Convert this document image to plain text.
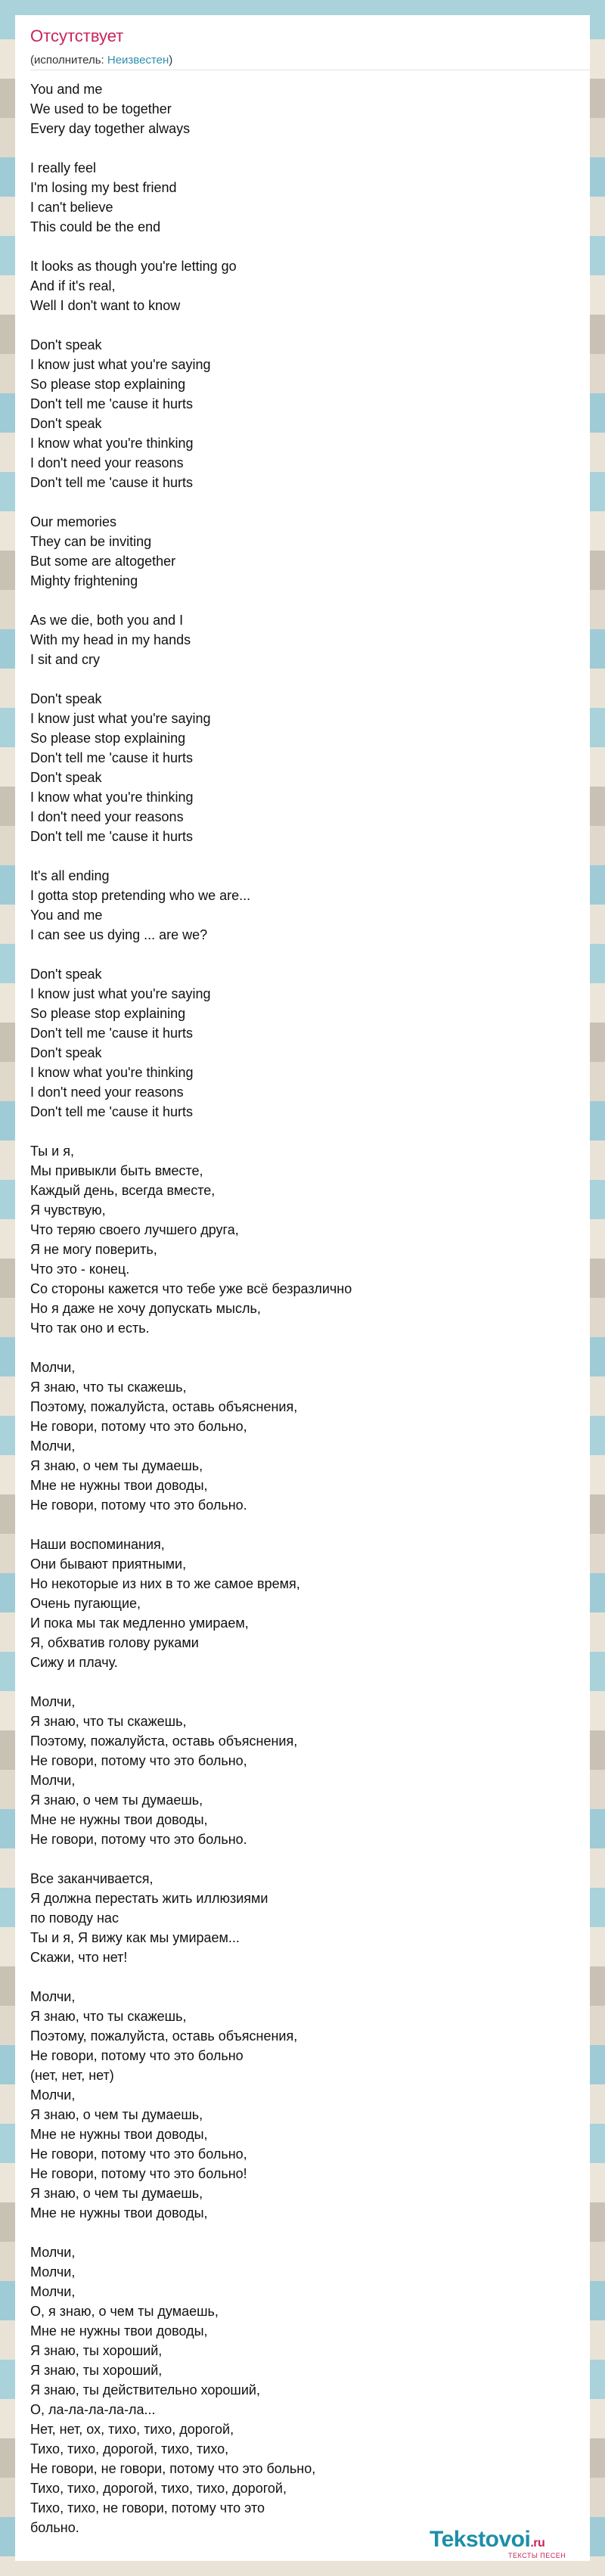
Отсутствует
(исполнитель: Неизвестен)
You and me
We used to be together
Every day together always
I really feel
I'm losing my best friend
I can't believe
This could be the end
It looks as though you're letting go
And if it's real,
Well I don't want to know
Don't speak
I know just what you're saying
So please stop explaining
Don't tell me 'cause it hurts
Don't speak
I know what you're thinking
I don't need your reasons
Don't tell me 'cause it hurts
Our memories
They can be inviting
But some are altogether
Mighty frightening
As we die, both you and I
With my head in my hands
I sit and cry
Don't speak
I know just what you're saying
So please stop explaining
Don't tell me 'cause it hurts
Don't speak
I know what you're thinking
I don't need your reasons
Don't tell me 'cause it hurts
It's all ending
I gotta stop pretending who we are...
You and me
I can see us dying ... are we?
Don't speak
I know just what you're saying
So please stop explaining
Don't tell me 'cause it hurts
Don't speak
I know what you're thinking
I don't need your reasons
Don't tell me 'cause it hurts
Ты и я,
Мы привыкли быть вместе,
Каждый день, всегда вместе,
Я чувствую,
Что теряю своего лучшего друга,
Я не могу поверить,
Что это - конец.
Со стороны кажется что тебе уже всё безразлично
Но я даже не хочу допускать мысль,
Что так оно и есть.
Молчи,
Я знаю, что ты скажешь,
Поэтому, пожалуйста, оставь объяснения,
Не говори, потому что это больно,
Молчи,
Я знаю, о чем ты думаешь,
Мне не нужны твои доводы,
Не говори, потому что это больно.
Наши воспоминания,
Они бывают приятными,
Но некоторые из них в то же самое время,
Очень пугающие,
И пока мы так медленно умираем,
Я, обхватив голову руками
Сижу и плачу.
Молчи,
Я знаю, что ты скажешь,
Поэтому, пожалуйста, оставь объяснения,
Не говори, потому что это больно,
Молчи,
Я знаю, о чем ты думаешь,
Мне не нужны твои доводы,
Не говори, потому что это больно.
Все заканчивается,
Я должна перестать жить иллюзиями
по поводу нас
Ты и я, Я вижу как мы умираем...
Скажи, что нет!
Молчи,
Я знаю, что ты скажешь,
Поэтому, пожалуйста, оставь объяснения,
Не говори, потому что это больно
(нет, нет, нет)
Молчи,
Я знаю, о чем ты думаешь,
Мне не нужны твои доводы,
Не говори, потому что это больно,
Не говори, потому что это больно!
Я знаю, о чем ты думаешь,
Мне не нужны твои доводы,
Молчи,
Молчи,
Молчи,
О, я знаю, о чем ты думаешь,
Мне не нужны твои доводы,
Я знаю, ты хороший,
Я знаю, ты хороший,
Я знаю, ты действительно хороший,
О, ла-ла-ла-ла-ла...
Нет, нет, ох, тихо, тихо, дорогой,
Тихо, тихо, дорогой, тихо, тихо,
Не говори, не говори, потому что это больно,
Тихо, тихо, дорогой, тихо, тихо, дорогой,
Тихо, тихо, не говори, потому что это
больно.	Tekstovoi.ru
ТЕКСТЫ ПЕСЕН
